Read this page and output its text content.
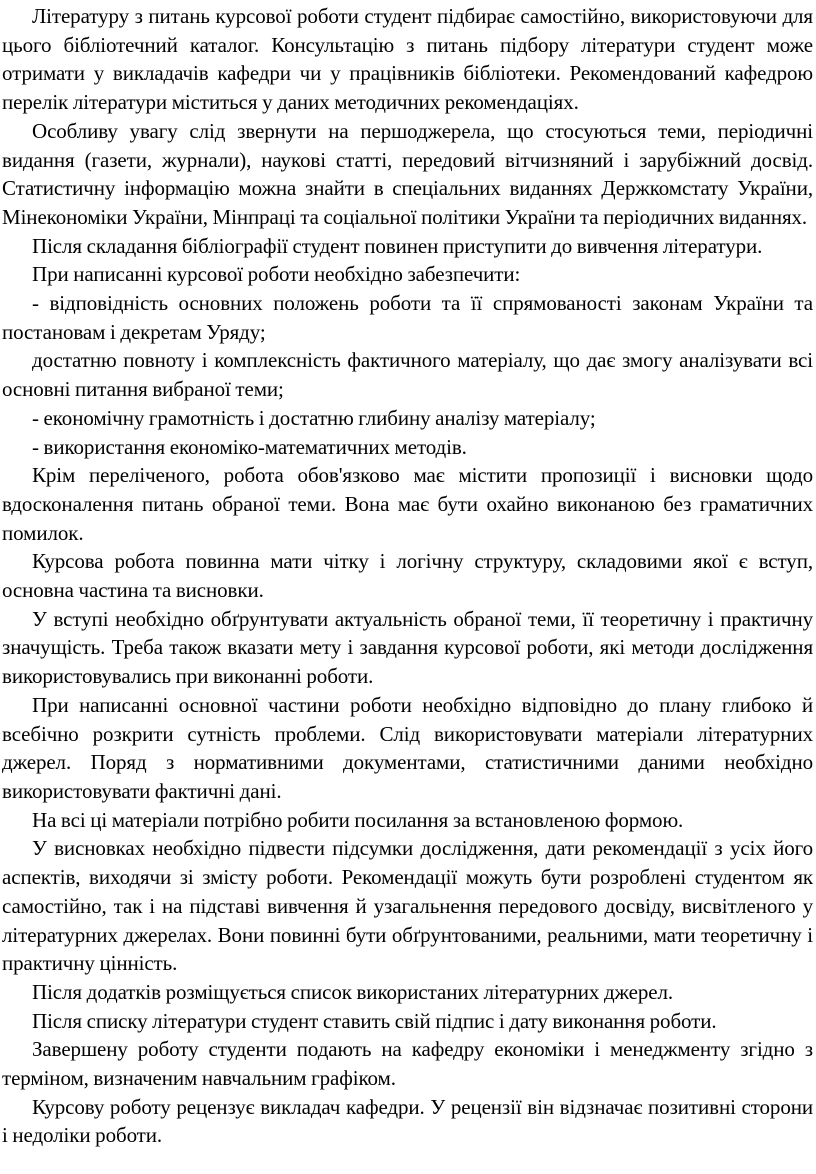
Літературу з питань курсової роботи студент підбирає самостійно, використовуючи для цього бібліотечний каталог. Консультацію з питань підбору літератури студент може отримати у викладачів кафедри чи у працівників бібліотеки. Рекомендований кафедрою перелік літератури міститься у даних методичних рекомендаціях.

Особливу увагу слід звернути на першоджерела, що стосуються теми, періодичні видання (газети, журнали), наукові статті, передовий вітчизняний і зарубіжний досвід. Статистичну інформацію можна знайти в спеціальних виданнях Держкомстату України, Мінекономіки України, Мінпраці та соціальної політики України та періодичних виданнях.

Після складання бібліографії студент повинен приступити до вивчення літератури.

При написанні курсової роботи необхідно забезпечити:

- відповідність основних положень роботи та її спрямованості законам України та постановам і декретам Уряду;

достатню повноту і комплексність фактичного матеріалу, що дає змогу аналізувати всі основні питання вибраної теми;

- економічну грамотність і достатню глибину аналізу матеріалу;

- використання економіко-математичних методів.

Крім переліченого, робота обов'язково має містити пропозиції і висновки щодо вдосконалення питань обраної теми. Вона має бути охайно виконаною без граматичних помилок.

Курсова робота повинна мати чітку і логічну структуру, складовими якої є вступ, основна частина та висновки.

У вступі необхідно обґрунтувати актуальність обраної теми, її теоретичну і практичну значущість. Треба також вказати мету і завдання курсової роботи, які методи дослідження використовувались при виконанні роботи.

При написанні основної частини роботи необхідно відповідно до плану глибоко й всебічно розкрити сутність проблеми. Слід використовувати матеріали літературних джерел. Поряд з нормативними документами, статистичними даними необхідно використовувати фактичні дані.

На всі ці матеріали потрібно робити посилання за встановленою формою.

У висновках необхідно підвести підсумки дослідження, дати рекомендації з усіх його аспектів, виходячи зі змісту роботи. Рекомендації можуть бути розроблені студентом як самостійно, так і на підставі вивчення й узагальнення передового досвіду, висвітленого у літературних джерелах. Вони повинні бути обґрунтованими, реальними, мати теоретичну і практичну цінність.

Після додатків розміщується список використаних літературних джерел.

Після списку літератури студент ставить свій підпис і дату виконання роботи.

Завершену роботу студенти подають на кафедру економіки і менеджменту згідно з терміном, визначеним навчальним графіком.

Курсову роботу рецензує викладач кафедри. У рецензії він відзначає позитивні сторони і недоліки роботи.
